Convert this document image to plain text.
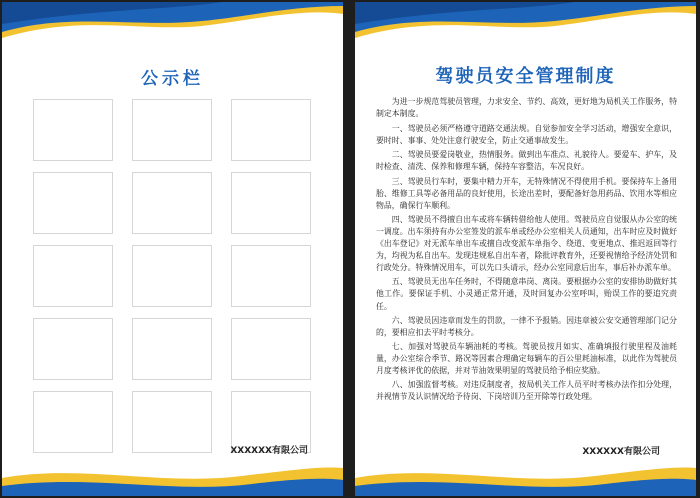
公示栏
XXXXXX有限公司
驾驶员安全管理制度

为进一步规范驾驶员管理，力求安全、节约、高效，更好地为局机关工作服务，特制定本制度。

一、驾驶员必须严格遵守道路交通法规。自觉参加安全学习活动，增强安全意识，要时时、事事、处处注意行驶安全，防止交通事故发生。

二、驾驶员要爱岗敬业，热情服务。做到出车准点、礼貌待人。要爱车、护车，及时检查、清洗、保养和修理车辆，保持车容整洁，车况良好。

三、驾驶员行车时，要集中精力开车，无特殊情况不得使用手机。要保持车上备用胎、维修工具等必备用品的良好使用，长途出差时，要配备好急用药品、饮用水等相应物品，确保行车顺利。

四、驾驶员不得擅自出车或将车辆转借给他人使用。驾驶员应自觉服从办公室的统一调度。出车须持有办公室签发的派车单或经办公室相关人员通知，出车时应及时做好《出车登记》对无派车单出车或擅自改变派车单指令、绕道、变更地点、推迟返回等行为，均视为私自出车。发现违规私自出车者，除批评教育外，还要视情给予经济处罚和行政处分。特殊情况用车，可以先口头请示，经办公室同意后出车，事后补办派车单。

五、驾驶员无出车任务时，不得随意串岗、离岗。要根据办公室的安排协助做好其他工作。要保证手机、小灵通正常开通，及时回复办公室呼叫，贻误工作的要追究责任。

六、驾驶员因违章而发生的罚款，一律不予报销。因违章被公安交通管理部门记分的，要相应扣去平时考核分。

七、加强对驾驶员车辆油耗的考核。驾驶员按月如实、准确填报行驶里程及油耗量，办公室综合季节、路况等因素合理确定每辆车的百公里耗油标准，以此作为驾驶员月度考核评优的依据，并对节油效果明显的驾驶员给予相应奖励。

八、加强监督考核。对违反制度者，按局机关工作人员平时考核办法作扣分处理，并视情节及认识情况给予待岗、下岗培训乃至开除等行政处理。

XXXXXX有限公司
